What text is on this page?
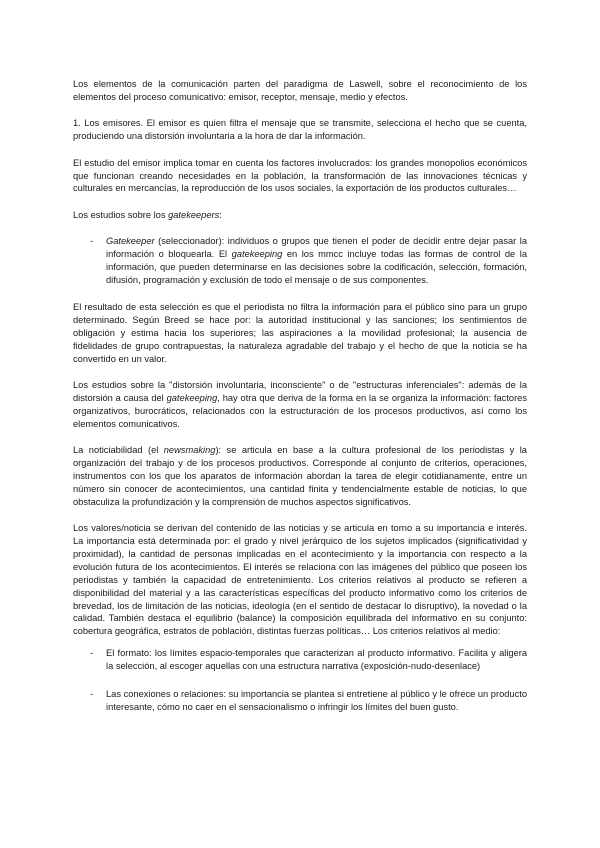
Los elementos de la comunicación parten del paradigma de Laswell, sobre el reconocimiento de los elementos del proceso comunicativo: emisor, receptor, mensaje, medio y efectos.

1. Los emisores. El emisor es quien filtra el mensaje que se transmite, selecciona el hecho que se cuenta, produciendo una distorsión involuntaria a la hora de dar la información.

El estudio del emisor implica tomar en cuenta los factores involucrados: los grandes monopolios económicos que funcionan creando necesidades en la población, la transformación de las innovaciones técnicas y culturales en mercancías, la reproducción de los usos sociales, la exportación de los productos culturales…

Los estudios sobre los gatekeepers:

- Gatekeeper (seleccionador): individuos o grupos que tienen el poder de decidir entre dejar pasar la información o bloquearla. El gatekeeping en los mmcc incluye todas las formas de control de la información, que pueden determinarse en las decisiones sobre la codificación, selección, formación, difusión, programación y exclusión de todo el mensaje o de sus componentes.

El resultado de esta selección es que el periodista no filtra la información para el público sino para un grupo determinado. Según Breed se hace por: la autoridad institucional y las sanciones; los sentimientos de obligación y estima hacia los superiores; las aspiraciones a la movilidad profesional; la ausencia de fidelidades de grupo contrapuestas, la naturaleza agradable del trabajo y el hecho de que la noticia se ha convertido en un valor.

Los estudios sobre la "distorsión involuntaria, inconsciente" o de "estructuras inferenciales": además de la distorsión a causa del gatekeeping, hay otra que deriva de la forma en la se organiza la información: factores organizativos, burocráticos, relacionados con la estructuración de los procesos productivos, así como los elementos comunicativos.

La noticiabilidad (el newsmaking): se articula en base a la cultura profesional de los periodistas y la organización del trabajo y de los procesos productivos. Corresponde al conjunto de criterios, operaciones, instrumentos con los que los aparatos de información abordan la tarea de elegir cotidianamente, entre un número sin conocer de acontecimientos, una cantidad finita y tendencialmente estable de noticias, lo que obstaculiza la profundización y la comprensión de muchos aspectos significativos.

Los valores/noticia se derivan del contenido de las noticias y se articula en torno a su importancia e interés. La importancia está determinada por: el grado y nivel jerárquico de los sujetos implicados (significatividad y proximidad), la cantidad de personas implicadas en el acontecimiento y la importancia con respecto a la evolución futura de los acontecimientos. El interés se relaciona con las imágenes del público que poseen los periodistas y también la capacidad de entretenimiento. Los criterios relativos al producto se refieren a disponibilidad del material y a las características específicas del producto informativo como los criterios de brevedad, los de limitación de las noticias, ideología (en el sentido de destacar lo disruptivo), la novedad o la calidad. También destaca el equilibrio (balance) la composición equilibrada del informativo en su conjunto: cobertura geográfica, estratos de población, distintas fuerzas políticas… Los criterios relativos al medio:

- El formato: los límites espacio-temporales que caracterizan al producto informativo. Facilita y aligera la selección, al escoger aquellas con una estructura narrativa (exposición-nudo-desenlace)
- Las conexiones o relaciones: su importancia se plantea si entretiene al público y le ofrece un producto interesante, cómo no caer en el sensacionalismo o infringir los límites del buen gusto.
